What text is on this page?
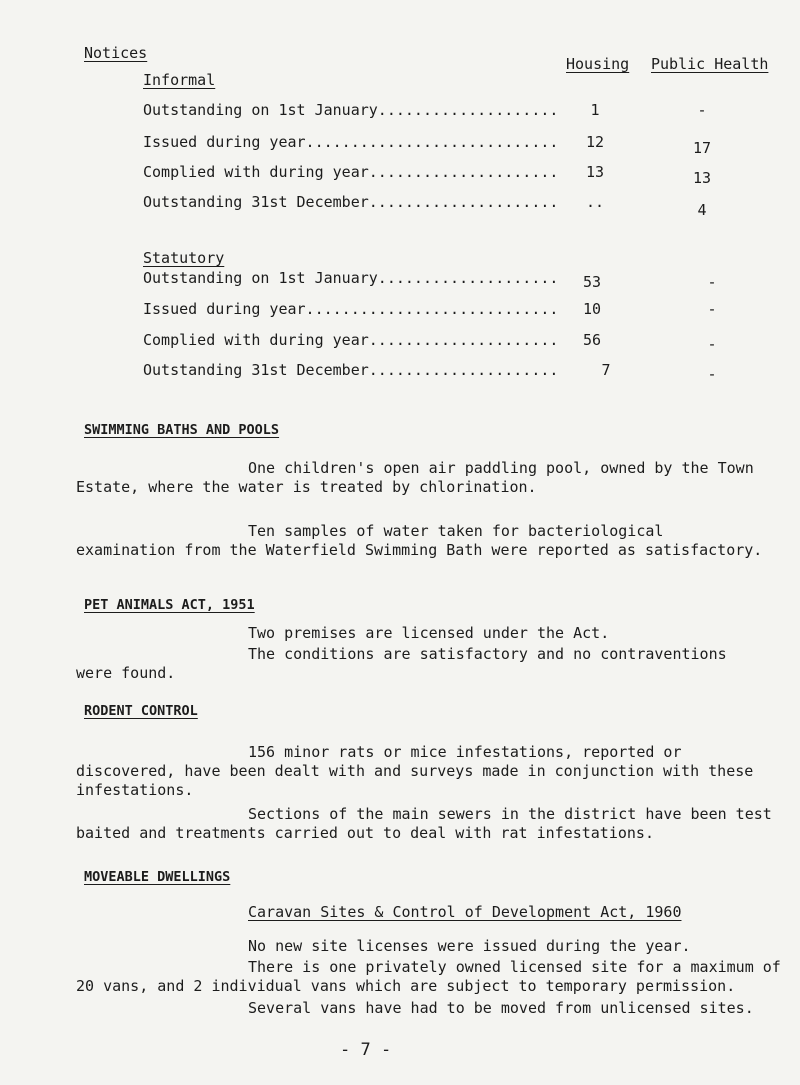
Notices
Housing Public Health
Informal
Outstanding on 1st January....................	1	-
Issued during year............................	12	17
Complied with during year.....................	13	13
Outstanding 31st December.....................	..	4
Statutory
Outstanding on 1st January....................	53	-
Issued during year............................	10	-
Complied with during year.....................	56	-
Outstanding 31st December.....................	7	-
SWIMMING BATHS AND POOLS
One children's open air paddling pool, owned by the Town Estate, where the water is treated by chlorination.
Ten samples of water taken for bacteriological examination from the Waterfield Swimming Bath were reported as satisfactory.
PET ANIMALS ACT, 1951
Two premises are licensed under the Act.
The conditions are satisfactory and no contraventions were found.
RODENT CONTROL
156 minor rats or mice infestations, reported or discovered, have been dealt with and surveys made in conjunction with these infestations.
Sections of the main sewers in the district have been test baited and treatments carried out to deal with rat infestations.
MOVEABLE DWELLINGS
Caravan Sites & Control of Development Act, 1960
No new site licenses were issued during the year.
There is one privately owned licensed site for a maximum of 20 vans, and 2 individual vans which are subject to temporary permission.
Several vans have had to be moved from unlicensed sites.
- 7 -
